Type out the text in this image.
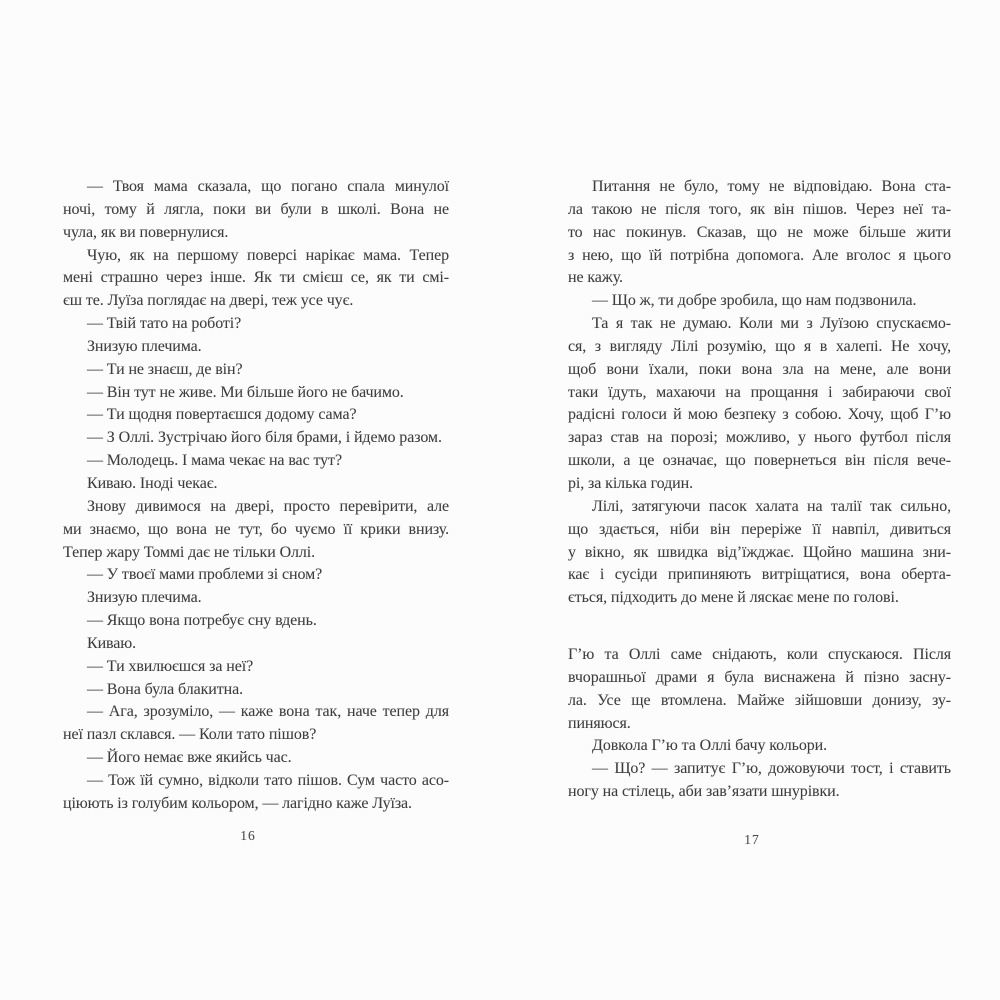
— Твоя мама сказала, що погано спала минулої
ночі, тому й лягла, поки ви були в школі. Вона не
чула, як ви повернулися.
Чую, як на першому поверсі нарікає мама. Тепер
мені страшно через інше. Як ти смієш се, як ти смі-
єш те. Луїза поглядає на двері, теж усе чує.
— Твій тато на роботі?
Знизую плечима.
— Ти не знаєш, де він?
— Він тут не живе. Ми більше його не бачимо.
— Ти щодня повертаєшся додому сама?
— З Оллі. Зустрічаю його біля брами, і йдемо разом.
— Молодець. І мама чекає на вас тут?
Киваю. Іноді чекає.
Знову дивимося на двері, просто перевірити, але
ми знаємо, що вона не тут, бо чуємо її крики внизу.
Тепер жару Томмі дає не тільки Оллі.
— У твоєї мами проблеми зі сном?
Знизую плечима.
— Якщо вона потребує сну вдень.
Киваю.
— Ти хвилюєшся за неї?
— Вона була блакитна.
— Ага, зрозуміло, — каже вона так, наче тепер для
неї пазл склався. — Коли тато пішов?
— Його немає вже якийсь час.
— Тож їй сумно, відколи тато пішов. Сум часто асо-
ціюють із голубим кольором, — лагідно каже Луїза.
16
Питання не було, тому не відповідаю. Вона ста-
ла такою не після того, як він пішов. Через неї та-
то нас покинув. Сказав, що не може більше жити
з нею, що їй потрібна допомога. Але вголос я цього
не кажу.
— Що ж, ти добре зробила, що нам подзвонила.
Та я так не думаю. Коли ми з Луїзою спускаємо-
ся, з вигляду Лілі розумію, що я в халепі. Не хочу,
щоб вони їхали, поки вона зла на мене, але вони
таки їдуть, махаючи на прощання і забираючи свої
радісні голоси й мою безпеку з собою. Хочу, щоб Г’ю
зараз став на порозі; можливо, у нього футбол після
школи, а це означає, що повернеться він після вече-
рі, за кілька годин.
Лілі, затягуючи пасок халата на талії так сильно,
що здається, ніби він переріже її навпіл, дивиться
у вікно, як швидка від’їжджає. Щойно машина зни-
кає і сусіди припиняють витріщатися, вона оберта-
ється, підходить до мене й ляскає мене по голові.
Г’ю та Оллі саме снідають, коли спускаюся. Після
вчорашньої драми я була виснажена й пізно засну-
ла. Усе ще втомлена. Майже зійшовши донизу, зу-
пиняюся.
Довкола Г’ю та Оллі бачу кольори.
— Що? — запитує Г’ю, дожовуючи тост, і ставить
ногу на стілець, аби зав’язати шнурівки.
17
